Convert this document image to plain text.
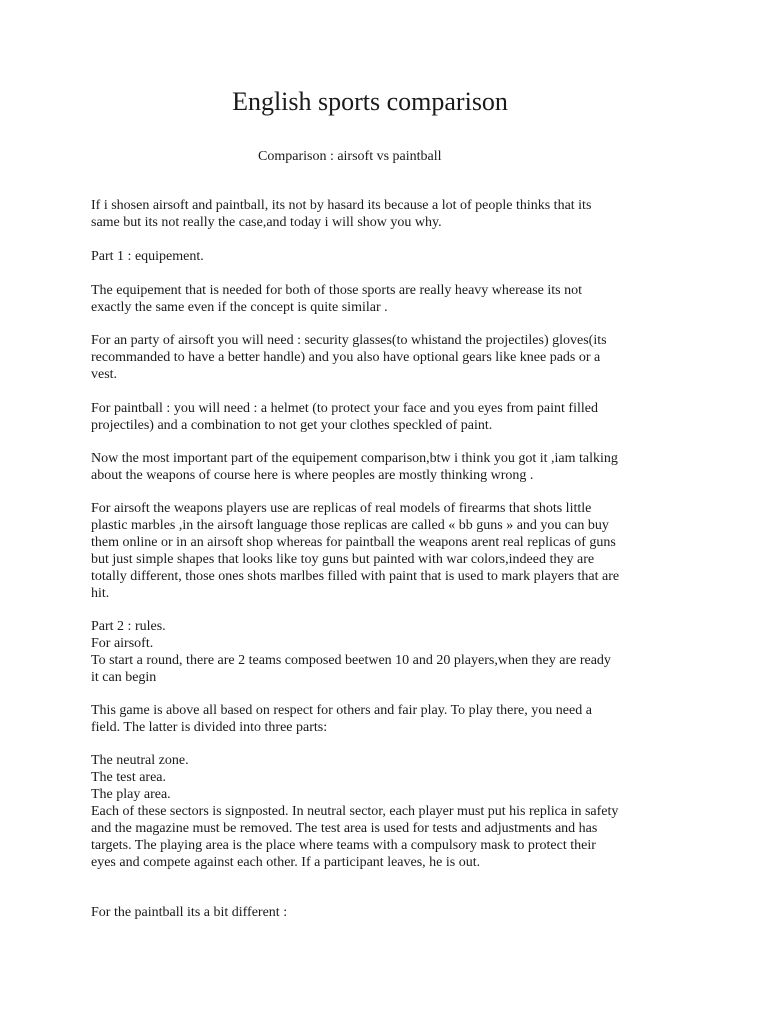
English sports comparison

Comparison : airsoft vs paintball

If i shosen airsoft and paintball, its not by hasard its because a lot of people thinks that its
same but its not really the case,and today i will show you why.

Part 1 : equipement.

The equipement that is needed for both of those sports are really heavy wherease its not
exactly the same even if the concept is quite similar .

For an party of airsoft you will need : security glasses(to whistand the projectiles) gloves(its
recommanded to have a better handle) and you also have optional gears like knee pads or a
vest.

For paintball : you will need : a helmet (to protect your face and you eyes from paint filled
projectiles) and a combination to not get your clothes speckled of paint.

Now the most important part of the equipement comparison,btw i think you got it ,iam talking
about the weapons of course here is where peoples are mostly thinking wrong .

For airsoft the weapons players use are replicas of real models of firearms that shots little
plastic marbles ,in the airsoft language those replicas are called « bb guns » and you can buy
them online or in an airsoft shop whereas for paintball the weapons arent real replicas of guns
but just simple shapes that looks like toy guns but painted with war colors,indeed they are
totally different, those ones shots marlbes filled with paint that is used to mark players that are
hit.

Part 2 : rules.
For airsoft.
To start a round, there are 2 teams composed beetwen 10 and 20 players,when they are ready
it can begin

This game is above all based on respect for others and fair play. To play there, you need a
field. The latter is divided into three parts:

The neutral zone.
The test area.
The play area.
Each of these sectors is signposted. In neutral sector, each player must put his replica in safety
and the magazine must be removed. The test area is used for tests and adjustments and has
targets. The playing area is the place where teams with a compulsory mask to protect their
eyes and compete against each other. If a participant leaves, he is out.

For the paintball its a bit different :
